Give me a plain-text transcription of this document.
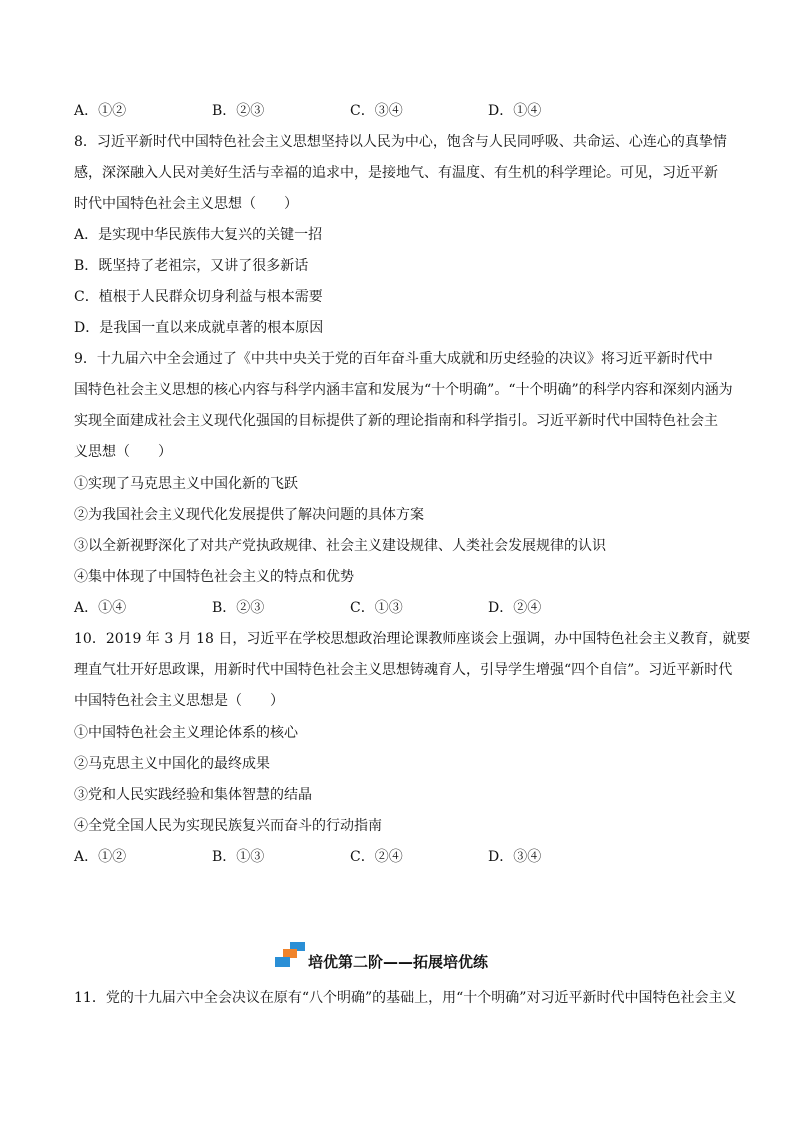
A．①②	B．②③	C．③④	D．①④
8．习近平新时代中国特色社会主义思想坚持以人民为中心，饱含与人民同呼吸、共命运、心连心的真挚情
感，深深融入人民对美好生活与幸福的追求中，是接地气、有温度、有生机的科学理论。可见，习近平新
时代中国特色社会主义思想（　　）
A．是实现中华民族伟大复兴的关键一招
B．既坚持了老祖宗，又讲了很多新话
C．植根于人民群众切身利益与根本需要
D．是我国一直以来成就卓著的根本原因
9．十九届六中全会通过了《中共中央关于党的百年奋斗重大成就和历史经验的决议》将习近平新时代中
国特色社会主义思想的核心内容与科学内涵丰富和发展为“十个明确”。“十个明确”的科学内容和深刻内涵为
实现全面建成社会主义现代化强国的目标提供了新的理论指南和科学指引。习近平新时代中国特色社会主
义思想（　　）
①实现了马克思主义中国化新的飞跃
②为我国社会主义现代化发展提供了解决问题的具体方案
③以全新视野深化了对共产党执政规律、社会主义建设规律、人类社会发展规律的认识
④集中体现了中国特色社会主义的特点和优势
A．①④	B．②③	C．①③	D．②④
10．2019 年 3 月 18 日，习近平在学校思想政治理论课教师座谈会上强调，办中国特色社会主义教育，就要
理直气壮开好思政课，用新时代中国特色社会主义思想铸魂育人，引导学生增强“四个自信”。习近平新时代
中国特色社会主义思想是（　　）
①中国特色社会主义理论体系的核心
②马克思主义中国化的最终成果
③党和人民实践经验和集体智慧的结晶
④全党全国人民为实现民族复兴而奋斗的行动指南
A．①②	B．①③	C．②④	D．③④
培优第二阶——拓展培优练
11．党的十九届六中全会决议在原有“八个明确”的基础上，用“十个明确”对习近平新时代中国特色社会主义
